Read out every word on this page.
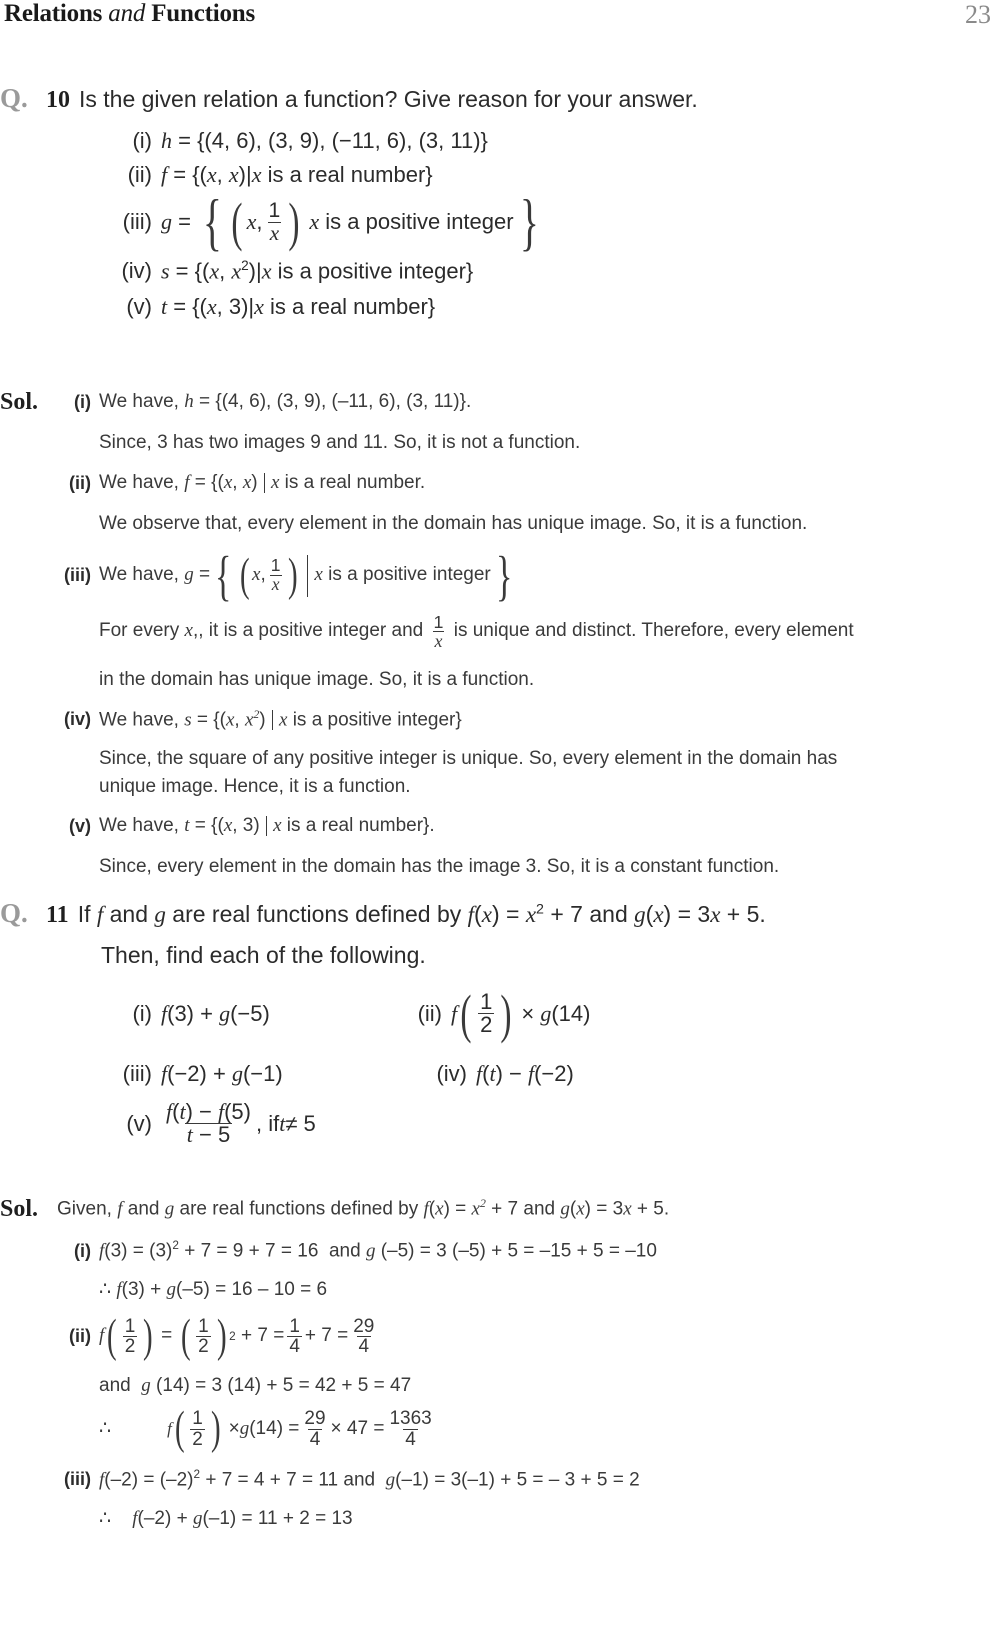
Relations and Functions	23
Q. 10 Is the given relation a function? Give reason for your answer.
(i) h = {(4, 6), (3, 9), (−11, 6), (3, 11)}
(ii) f = {(x, x)|x is a real number}
(iii) g = { ( x, $\frac{1}{x}$ )
x is a positive integer }
(iv) s = {(x, $x^2)|x$ is a positive integer}
(v) t = {(x, 3)|x is a real number}
Sol.	(i) We have, h = {(4, 6), (3, 9), (–11, 6), (3, 11)}.
Since, 3 has two images 9 and 11. So, it is not a function.
(ii) We have, f = {(x, x) x is a real number.
We observe that, every element in the domain has unique image. So, it is a function.
(iii) We have, g = { ( x , $\frac{1}{x}$ ) x is a positive integer }
For every
x , , it is a positive integer and
$\frac{1}{x}$
is unique and distinct. Therefore, every element
in the domain has unique image. So, it is a function.
(iv) We have, s = {(x, $x^2$) x is a positive integer}
Since, the square of any positive integer is unique. So, every element in the domain has
unique image. Hence, it is a function.
(v) We have, t = {(x, 3) x is a real number}.
Since, every element in the domain has the image 3. So, it is a constant function.
Q. 11 If f and g are real functions defined by $f(x) = x^2 + 7$ and g(x) = 3x + 5.
Then, find each of the following.
(i) f(3) + g(−5)	(ii) f ( $\frac{1}{2}$ ) × g (14)
(iii) f(−2) + g(−1)	(iv) f(t) − f(−2)
$(v) \frac{f(t) - f(5)}{t - 5}$ , if t ≠ 5
Sol. Given, f and g are real functions defined by $f(x) = x^2 + 7$ and g(x) = 3x + 5.
(i) $f(3) = (3)^2 + 7 = 9 + 7 = 16$  and g (–5) = 3 (–5) + 5 = –15 + 5 = –10
∴ f(3) + g(–5) = 16 – 10 = 6
(ii) f ( $\frac{1}{2}$ ) = ( $\frac{1}{2}$ ) $2 + 7 = \frac{1}{4} + 7 = \frac{29}{4}$
and  g (14) = 3 (14) + 5 = 42 + 5 = 47
∴	f ( $\frac{1}{2}$ ) × g $(14) = \frac{29}{4} \times 47 = \frac{1363}{4}$
(iii) $f(-2) = (-2)^2 + 7 = 4 + 7 = 11$ and  g(–1) = 3(–1) + 5 = – 3 + 5 = 2
∴    f(–2) + g(–1) = 11 + 2 = 13
